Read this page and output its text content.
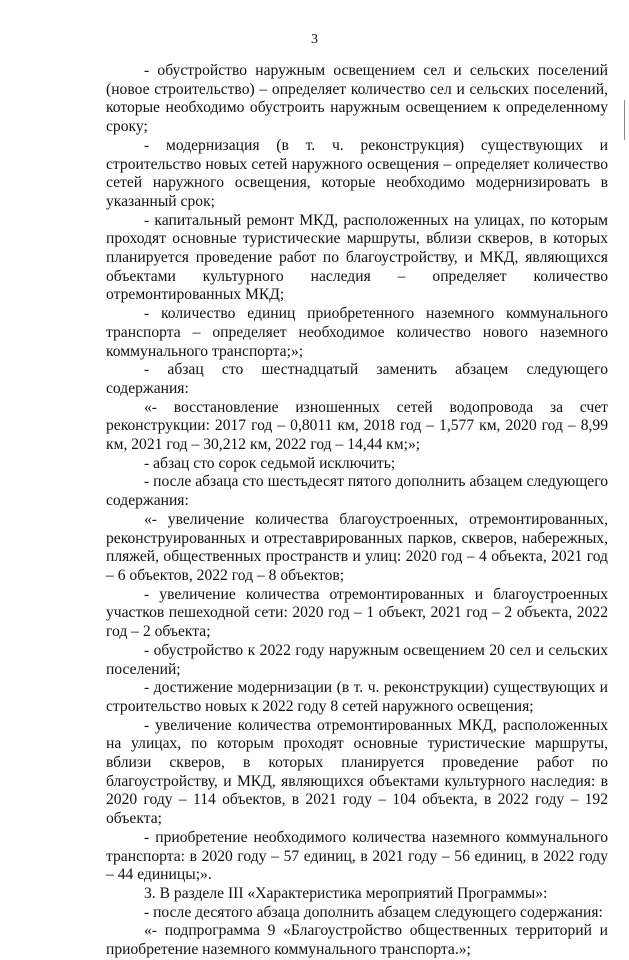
3

- обустройство наружным освещением сел и сельских поселений (новое строительство) – определяет количество сел и сельских поселений, которые необходимо обустроить наружным освещением к определенному сроку;

- модернизация (в т. ч. реконструкция) существующих и строительство новых сетей наружного освещения – определяет количество сетей наружного освещения, которые необходимо модернизировать в указанный срок;

- капитальный ремонт МКД, расположенных на улицах, по которым проходят основные туристические маршруты, вблизи скверов, в которых планируется проведение работ по благоустройству, и МКД, являющихся объектами культурного наследия – определяет количество отремонтированных МКД;

- количество единиц приобретенного наземного коммунального транспорта – определяет необходимое количество нового наземного коммунального транспорта;»;

- абзац сто шестнадцатый заменить абзацем следующего содержания:

«- восстановление изношенных сетей водопровода за счет реконструкции: 2017 год – 0,8011 км, 2018 год – 1,577 км, 2020 год – 8,99 км, 2021 год – 30,212 км, 2022 год – 14,44 км;»;

- абзац сто сорок седьмой исключить;

- после абзаца сто шестьдесят пятого дополнить абзацем следующего содержания:

«- увеличение количества благоустроенных, отремонтированных, реконструированных и отреставрированных парков, скверов, набережных, пляжей, общественных пространств и улиц: 2020 год – 4 объекта, 2021 год – 6 объектов, 2022 год – 8 объектов;

- увеличение количества отремонтированных и благоустроенных участков пешеходной сети: 2020 год – 1 объект, 2021 год – 2 объекта, 2022 год – 2 объекта;

- обустройство к 2022 году наружным освещением 20 сел и сельских поселений;

- достижение модернизации (в т. ч. реконструкции) существующих и строительство новых к 2022 году 8 сетей наружного освещения;

- увеличение количества отремонтированных МКД, расположенных на улицах, по которым проходят основные туристические маршруты, вблизи скверов, в которых планируется проведение работ по благоустройству, и МКД, являющихся объектами культурного наследия: в 2020 году – 114 объектов, в 2021 году – 104 объекта, в 2022 году – 192 объекта;

- приобретение необходимого количества наземного коммунального транспорта: в 2020 году – 57 единиц, в 2021 году – 56 единиц, в 2022 году – 44 единицы;».

3. В разделе III «Характеристика мероприятий Программы»:

- после десятого абзаца дополнить абзацем следующего содержания:

«- подпрограмма 9 «Благоустройство общественных территорий и приобретение наземного коммунального транспорта.»;
